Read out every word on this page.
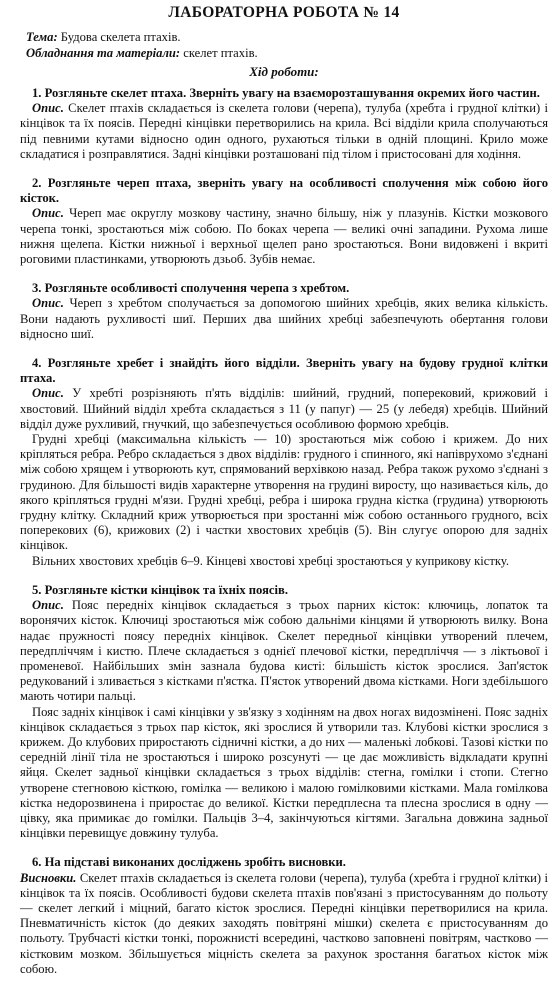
ЛАБОРАТОРНА РОБОТА № 14
Тема: Будова скелета птахів.
Обладнання та матеріали: скелет птахів.
Хід роботи:

1. Розгляньте скелет птаха. Зверніть увагу на взаєморозташування окремих його частин.

Опис. Скелет птахів складається із скелета голови (черепа), тулуба (хребта і грудної клітки) і кінцівок та їх поясів. Передні кінцівки перетворились на крила. Всі відділи крила сполучаються під певними кутами відносно один одного, рухаються тільки в одній площині. Крило може складатися і розправлятися. Задні кінцівки розташовані під тілом і пристосовані для ходіння.

2. Розгляньте череп птаха, зверніть увагу на особливості сполучення між собою його кісток.

Опис. Череп має округлу мозкову частину, значно більшу, ніж у плазунів. Кістки мозкового черепа тонкі, зростаються між собою. По боках черепа — великі очні западини. Рухома лише нижня щелепа. Кістки нижньої і верхньої щелеп рано зростаються. Вони видовжені і вкриті роговими пластинками, утворюють дзьоб. Зубів немає.

3. Розгляньте особливості сполучення черепа з хребтом.

Опис. Череп з хребтом сполучається за допомогою шийних хребців, яких велика кількість. Вони надають рухливості шиї. Перших два шийних хребці забезпечують обертання голови відносно шиї.

4. Розгляньте хребет і знайдіть його відділи. Зверніть увагу на будову грудної клітки птаха.

Опис. У хребті розрізняють п'ять відділів: шийний, грудний, поперековий, крижовий і хвостовий. Шийний відділ хребта складається з 11 (у папуг) — 25 (у лебедя) хребців. Шийний відділ дуже рухливий, гнучкий, що забезпечується особливою формою хребців.

Грудні хребці (максимальна кількість — 10) зростаються між собою і крижем. До них кріпляться ребра. Ребро складається з двох відділів: грудного і спинного, які напіврухомо з'єднані між собою хрящем і утворюють кут, спрямований верхівкою назад. Ребра також рухомо з'єднані з грудиною. Для більшості видів характерне утворення на грудині виросту, що називається кіль, до якого кріпляться грудні м'язи. Грудні хребці, ребра і широка грудна кістка (грудина) утворюють грудну клітку. Складний криж утворюється при зростанні між собою останнього грудного, всіх поперекових (6), крижових (2) і частки хвостових хребців (5). Він слугує опорою для задніх кінцівок.

Вільних хвостових хребців 6–9. Кінцеві хвостові хребці зростаються у куприкову кістку.

5. Розгляньте кістки кінцівок та їхніх поясів.

Опис. Пояс передніх кінцівок складається з трьох парних кісток: ключиць, лопаток та воронячих кісток. Ключиці зростаються між собою дальніми кінцями й утворюють вилку. Вона надає пружності поясу передніх кінцівок. Скелет передньої кінцівки утворений плечем, передпліччям і кистю. Плече складається з однієї плечової кістки, передпліччя — з ліктьової і променевої. Найбільших змін зазнала будова кисті: більшість кісток зрослися. Зап'ясток редукований і зливається з кістками п'ястка. П'ясток утворений двома кістками. Ноги здебільшого мають чотири пальці.

Пояс задніх кінцівок і самі кінцівки у зв'язку з ходінням на двох ногах видозмінені. Пояс задніх кінцівок складається з трьох пар кісток, які зрослися й утворили таз. Клубові кістки зрослися з крижем. До клубових прирoстають сідничні кістки, а до них — маленькі лобкові. Тазові кістки по середній лінії тіла не зростаються і широко розсунуті — це дає можливість відкладати крупні яйця. Скелет задньої кінцівки складається з трьох відділів: стегна, гомілки і стопи. Стегно утворене стегновою кісткою, гомілка — великою і малою гомілковими кістками. Мала гомілкова кістка недорозвинена і прирoстає до великої. Кістки передплесна та плесна зрослися в одну — цівку, яка примикає до гомілки. Пальців 3–4, закінчуються кігтями. Загальна довжина задньої кінцівки перевищує довжину тулуба.

6. На підставі виконаних досліджень зробіть висновки.

Висновки. Скелет птахів складається із скелета голови (черепа), тулуба (хребта і грудної клітки) і кінцівок та їх поясів. Особливості будови скелета птахів пов'язані з пристосуванням до польоту — скелет легкий і міцний, багато кісток зрослися. Передні кінцівки перетворилися на крила. Пневматичність кісток (до деяких заходять повітряні мішки) скелета є пристосуванням до польоту. Трубчасті кістки тонкі, порожнисті всередині, частково заповнені повітрям, частково — кістковим мозком. Збільшується міцність скелета за рахунок зростання багатьох кісток між собою.
